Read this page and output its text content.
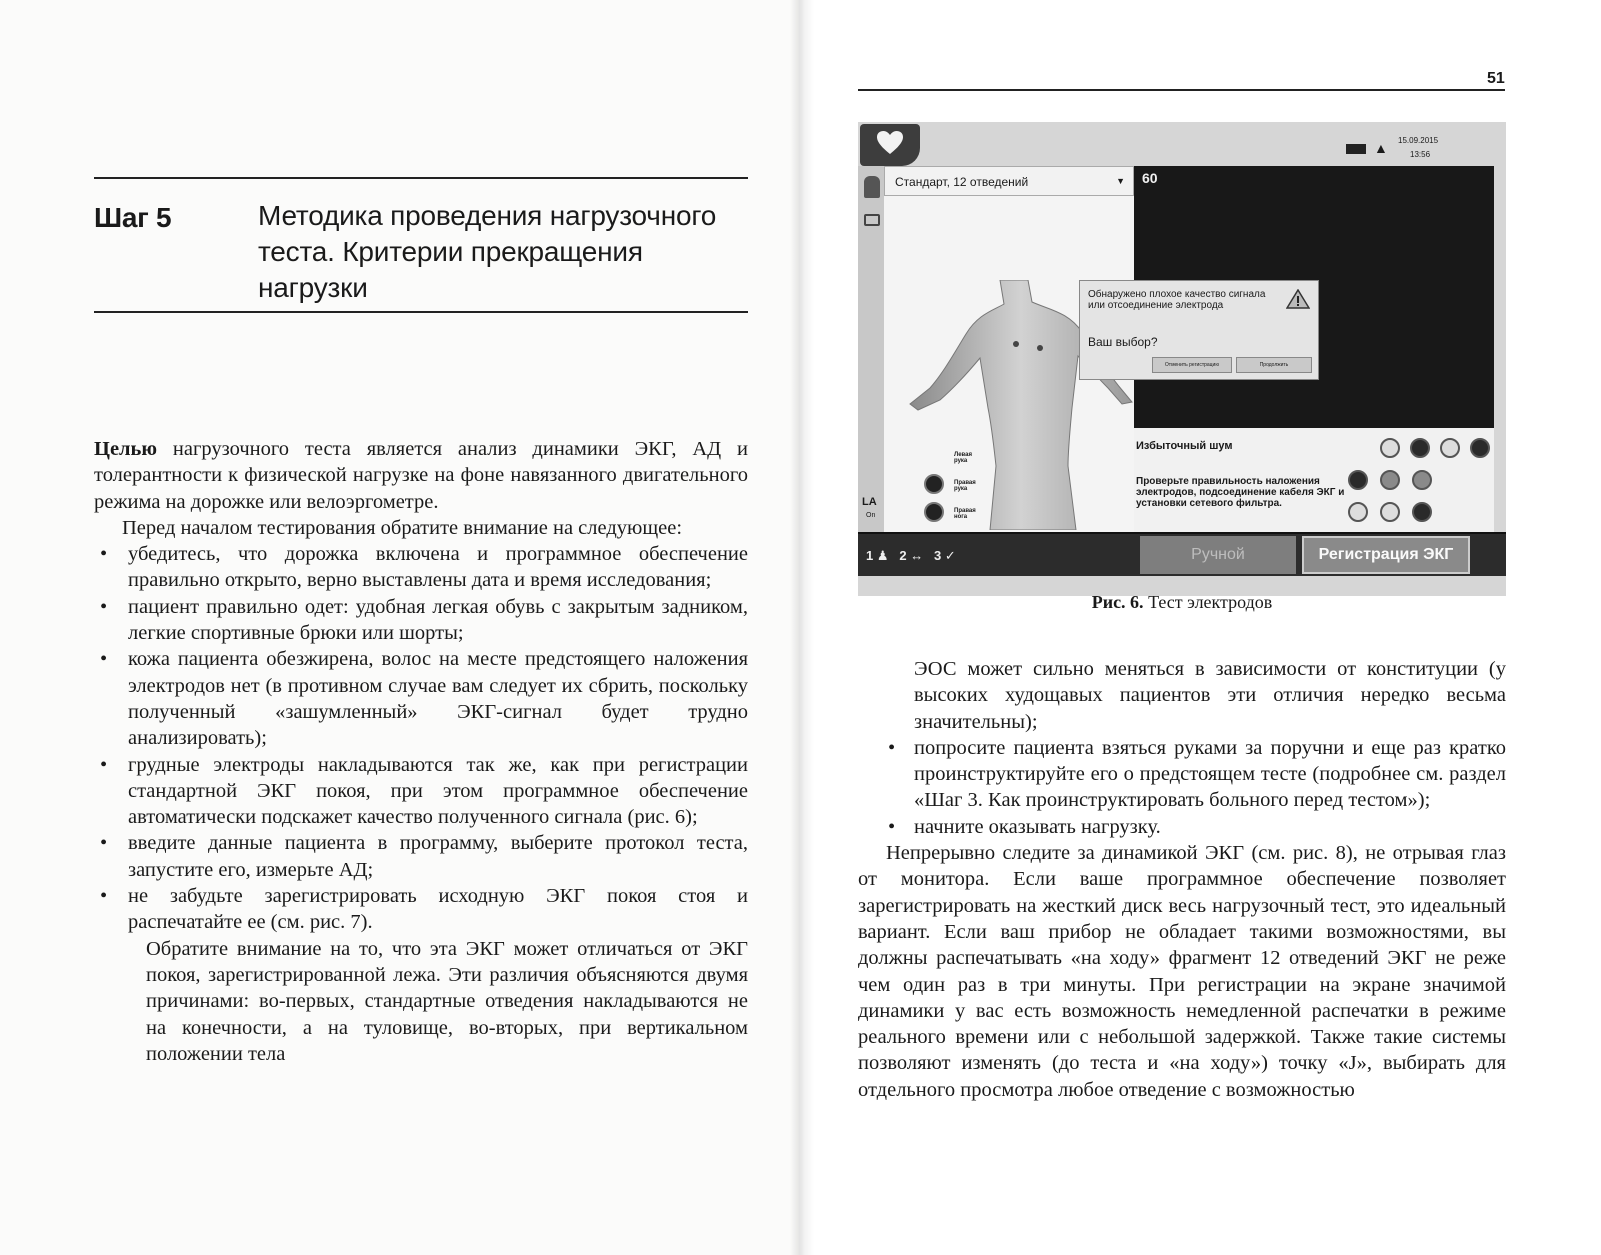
Шаг 5	Методика проведения нагрузочного теста. Критерии прекращения нагрузки

Целью нагрузочного теста является анализ динамики ЭКГ, АД и толерантности к физической нагрузке на фоне навязанного двигательного режима на дорожке или велоэргометре.

Перед началом тестирования обратите внимание на следующее:

• убедитесь, что дорожка включена и программное обеспечение правильно открыто, верно выставлены дата и время исследования;
• пациент правильно одет: удобная легкая обувь с закрытым задником, легкие спортивные брюки или шорты;
• кожа пациента обезжирена, волос на месте предстоящего наложения электродов нет (в противном случае вам следует их сбрить, поскольку полученный «зашумленный» ЭКГ-сигнал будет трудно анализировать);
• грудные электроды накладываются так же, как при регистрации стандартной ЭКГ покоя, при этом программное обеспечение автоматически подскажет качество полученного сигнала (рис. 6);
• введите данные пациента в программу, выберите протокол теста, запустите его, измерьте АД;
• не забудьте зарегистрировать исходную ЭКГ покоя стоя и распечатайте ее (см. рис. 7).

Обратите внимание на то, что эта ЭКГ может отличаться от ЭКГ покоя, зарегистрированной лежа. Эти различия объясняются двумя причинами: во-первых, стандартные отведения накладываются не на конечности, а на туловище, во-вторых, при вертикальном положении тела

51
▲ 15.09.2015
13:56
LA
On
Стандарт, 12 отведений	▼
Левая рука
Правая рука
Правая нога
60
Обнаружено плохое качество сигнала или отсоединение электрода
Ваш выбор?
Отменить регистрацию	Продолжить
Избыточный шум
Проверьте правильность наложения электродов, подсоединение кабеля ЭКГ и установки сетевого фильтра.
1 ♟   2 ↔   3 ✓	Ручной	Регистрация ЭКГ
Рис. 6. Тест электродов

ЭОС может сильно меняться в зависимости от конституции (у высоких худощавых пациентов эти отличия нередко весьма значительны);

• попросите пациента взяться руками за поручни и еще раз кратко проинструктируйте его о предстоящем тесте (подробнее см. раздел «Шаг 3. Как проинструктировать больного перед тестом»);
• начните оказывать нагрузку.

Непрерывно следите за динамикой ЭКГ (см. рис. 8), не отрывая глаз от монитора. Если ваше программное обеспечение позволяет зарегистрировать на жесткий диск весь нагрузочный тест, это идеальный вариант. Если ваш прибор не обладает такими возможностями, вы должны распечатывать «на ходу» фрагмент 12 отведений ЭКГ не реже чем один раз в три минуты. При регистрации на экране значимой динамики у вас есть возможность немедленной распечатки в режиме реального времени или с небольшой задержкой. Также такие системы позволяют изменять (до теста и «на ходу») точку «J», выбирать для отдельного просмотра любое отведение с возможностью
